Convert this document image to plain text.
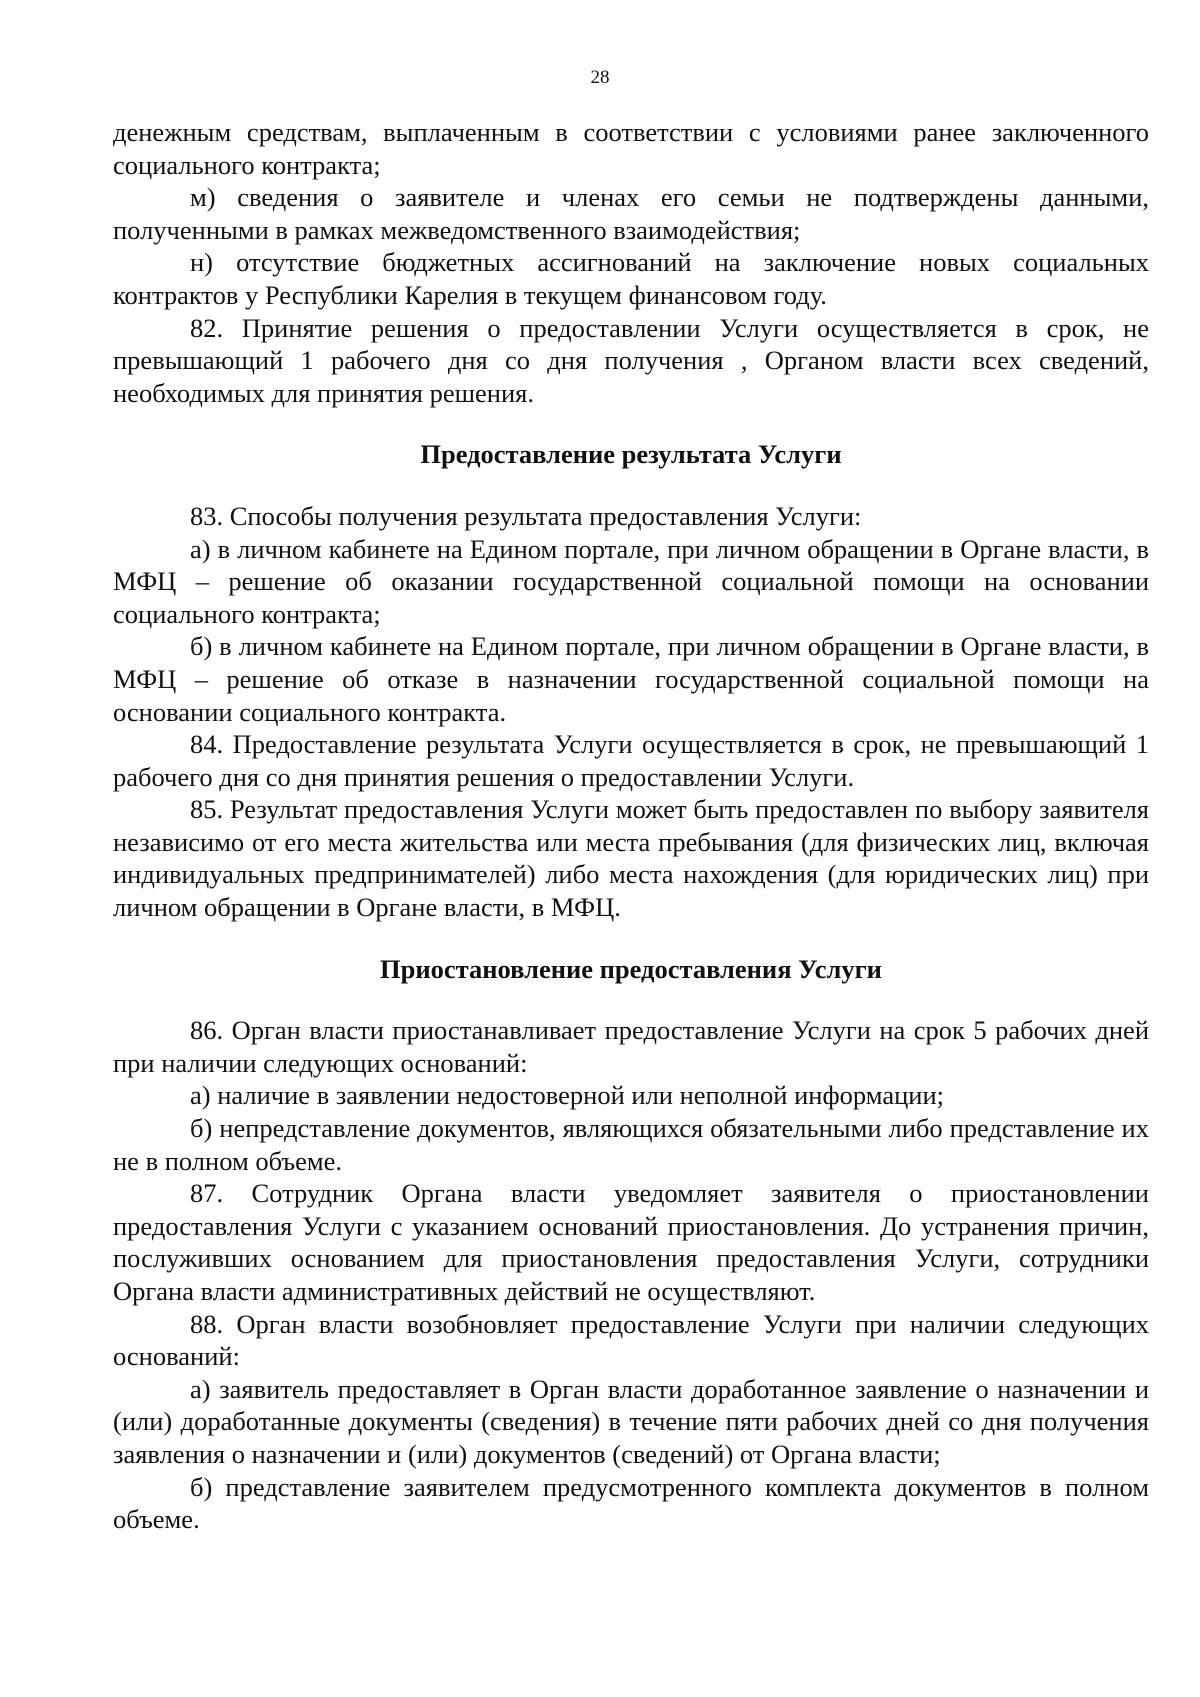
28

денежным средствам, выплаченным в соответствии с условиями ранее заключенного социального контракта;

м) сведения о заявителе и членах его семьи не подтверждены данными, полученными в рамках межведомственного взаимодействия;

н) отсутствие бюджетных ассигнований на заключение новых социальных контрактов у Республики Карелия в текущем финансовом году.

82. Принятие решения о предоставлении Услуги осуществляется в срок, не превышающий 1 рабочего дня со дня получения , Органом власти всех сведений, необходимых для принятия решения.

Предоставление результата Услуги

83. Способы получения результата предоставления Услуги:

а) в личном кабинете на Едином портале, при личном обращении в Органе власти, в МФЦ – решение об оказании государственной социальной помощи на основании социального контракта;

б) в личном кабинете на Едином портале, при личном обращении в Органе власти, в МФЦ – решение об отказе в назначении государственной социальной помощи на основании социального контракта.

84. Предоставление результата Услуги осуществляется в срок, не превышающий 1 рабочего дня со дня принятия решения о предоставлении Услуги.

85. Результат предоставления Услуги может быть предоставлен по выбору заявителя независимо от его места жительства или места пребывания (для физических лиц, включая индивидуальных предпринимателей) либо места нахождения (для юридических лиц) при личном обращении в Органе власти, в МФЦ.

Приостановление предоставления Услуги

86. Орган власти приостанавливает предоставление Услуги на срок 5 рабочих дней при наличии следующих оснований:

а) наличие в заявлении недостоверной или неполной информации;

б) непредставление документов, являющихся обязательными либо представление их не в полном объеме.

87. Сотрудник Органа власти уведомляет заявителя о приостановлении предоставления Услуги с указанием оснований приостановления. До устранения причин, послуживших основанием для приостановления предоставления Услуги, сотрудники Органа власти административных действий не осуществляют.

88. Орган власти возобновляет предоставление Услуги при наличии следующих оснований:

а) заявитель предоставляет в Орган власти доработанное заявление о назначении и (или) доработанные документы (сведения) в течение пяти рабочих дней со дня получения заявления о назначении и (или) документов (сведений) от Органа власти;

б) представление заявителем предусмотренного комплекта документов в полном объеме.
